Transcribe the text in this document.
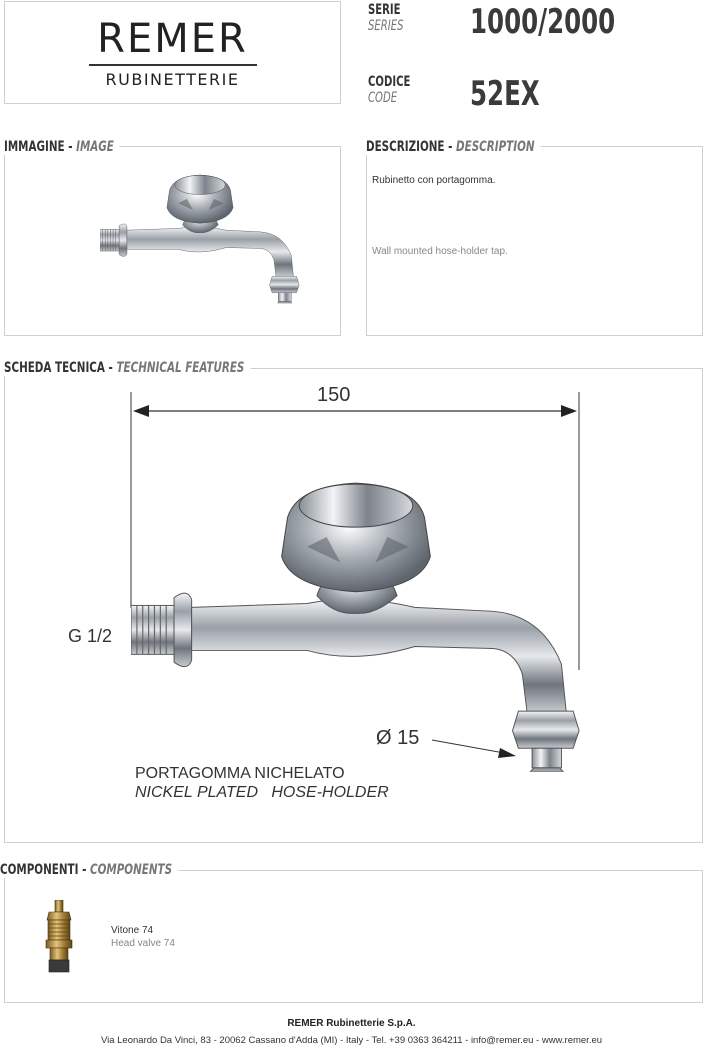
REMER
RUBINETTERIE
SERIE
SERIES 1000/2000
CODICE
CODE 52EX
IMMAGINE - IMAGE	DESCRIZIONE - DESCRIPTION
Rubinetto con portagomma.
Wall mounted hose-holder tap.
SCHEDA TECNICA - TECHNICAL FEATURES
150
G 1/2
Ø 15
PORTAGOMMA NICHELATO
NICKEL PLATED   HOSE-HOLDER
COMPONENTI - COMPONENTS
Vitone 74
Head valve 74
REMER Rubinetterie S.p.A.
Via Leonardo Da Vinci, 83 - 20062 Cassano d'Adda (MI) - Italy - Tel. +39 0363 364211 - info@remer.eu - www.remer.eu
